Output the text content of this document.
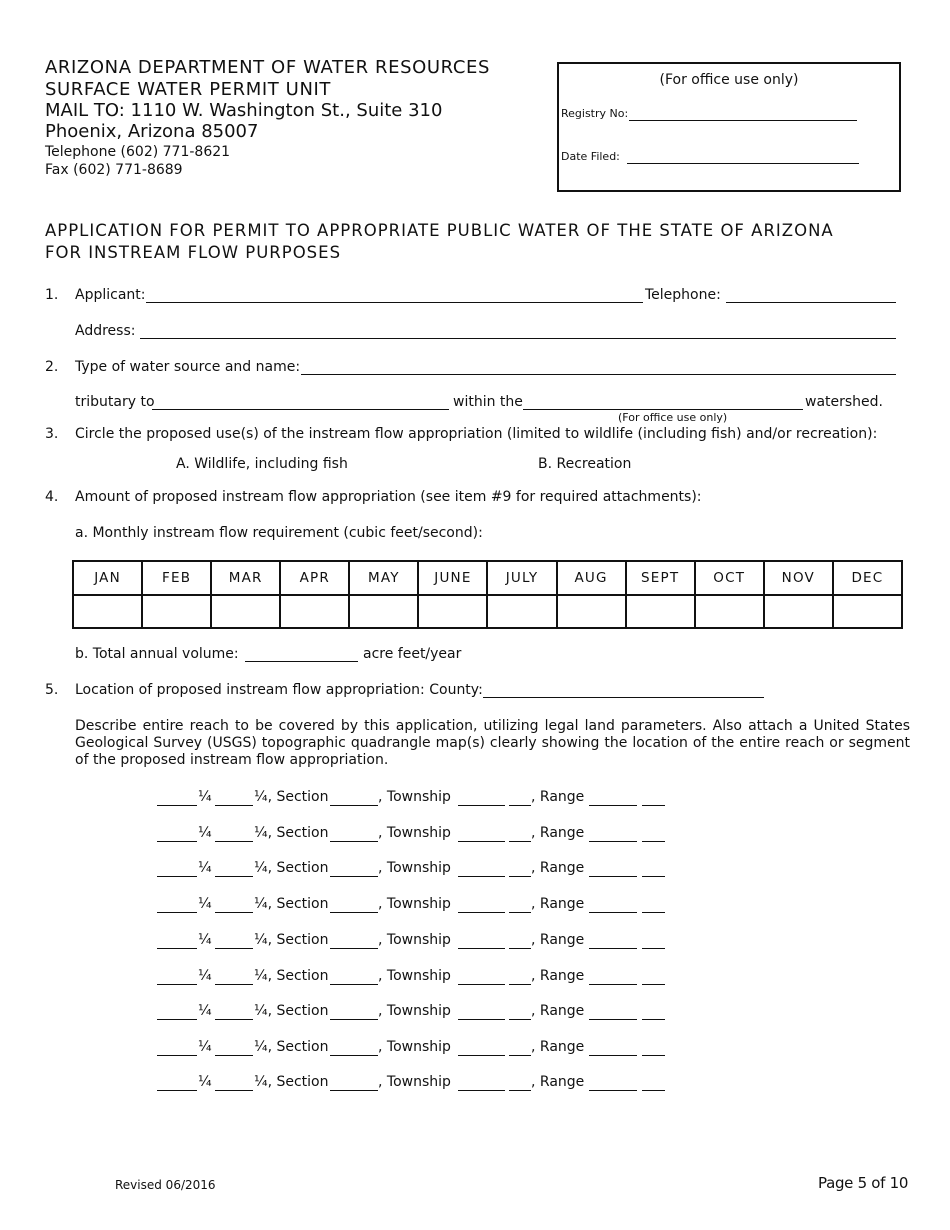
ARIZONA DEPARTMENT OF WATER RESOURCES
SURFACE WATER PERMIT UNIT
MAIL TO: 1110 W. Washington St., Suite 310
Phoenix, Arizona 85007
Telephone (602) 771-8621
Fax (602) 771-8689
(For office use only)
Registry No:
Date Filed:
APPLICATION FOR PERMIT TO APPROPRIATE PUBLIC WATER OF THE STATE OF ARIZONA
FOR INSTREAM FLOW PURPOSES
1. Applicant:	Telephone:
Address:
2. Type of water source and name:
tributary to	within the	watershed.
(For office use only)
3. Circle the proposed use(s) of the instream flow appropriation (limited to wildlife (including fish) and/or recreation):
A. Wildlife, including fish	B. Recreation
4. Amount of proposed instream flow appropriation (see item #9 for required attachments):
a. Monthly instream flow requirement (cubic feet/second):
JAN	FEB	MAR	APR	MAY	JUNE	JULY	AUG	SEPT	OCT	NOV	DEC

b. Total annual volume:	acre feet/year
5. Location of proposed instream flow appropriation: County:
Describe entire reach to be covered by this application, utilizing legal land parameters. Also attach a United States Geological Survey (USGS) topographic quadrangle map(s) clearly showing the location of the entire reach or segment of the proposed instream flow appropriation.
¼	¼, Section	, Township	, Range
¼	¼, Section	, Township	, Range
¼	¼, Section	, Township	, Range
¼	¼, Section	, Township	, Range
¼	¼, Section	, Township	, Range
¼	¼, Section	, Township	, Range
¼	¼, Section	, Township	, Range
¼	¼, Section	, Township	, Range
¼	¼, Section	, Township	, Range
Revised 06/2016	Page 5 of 10
